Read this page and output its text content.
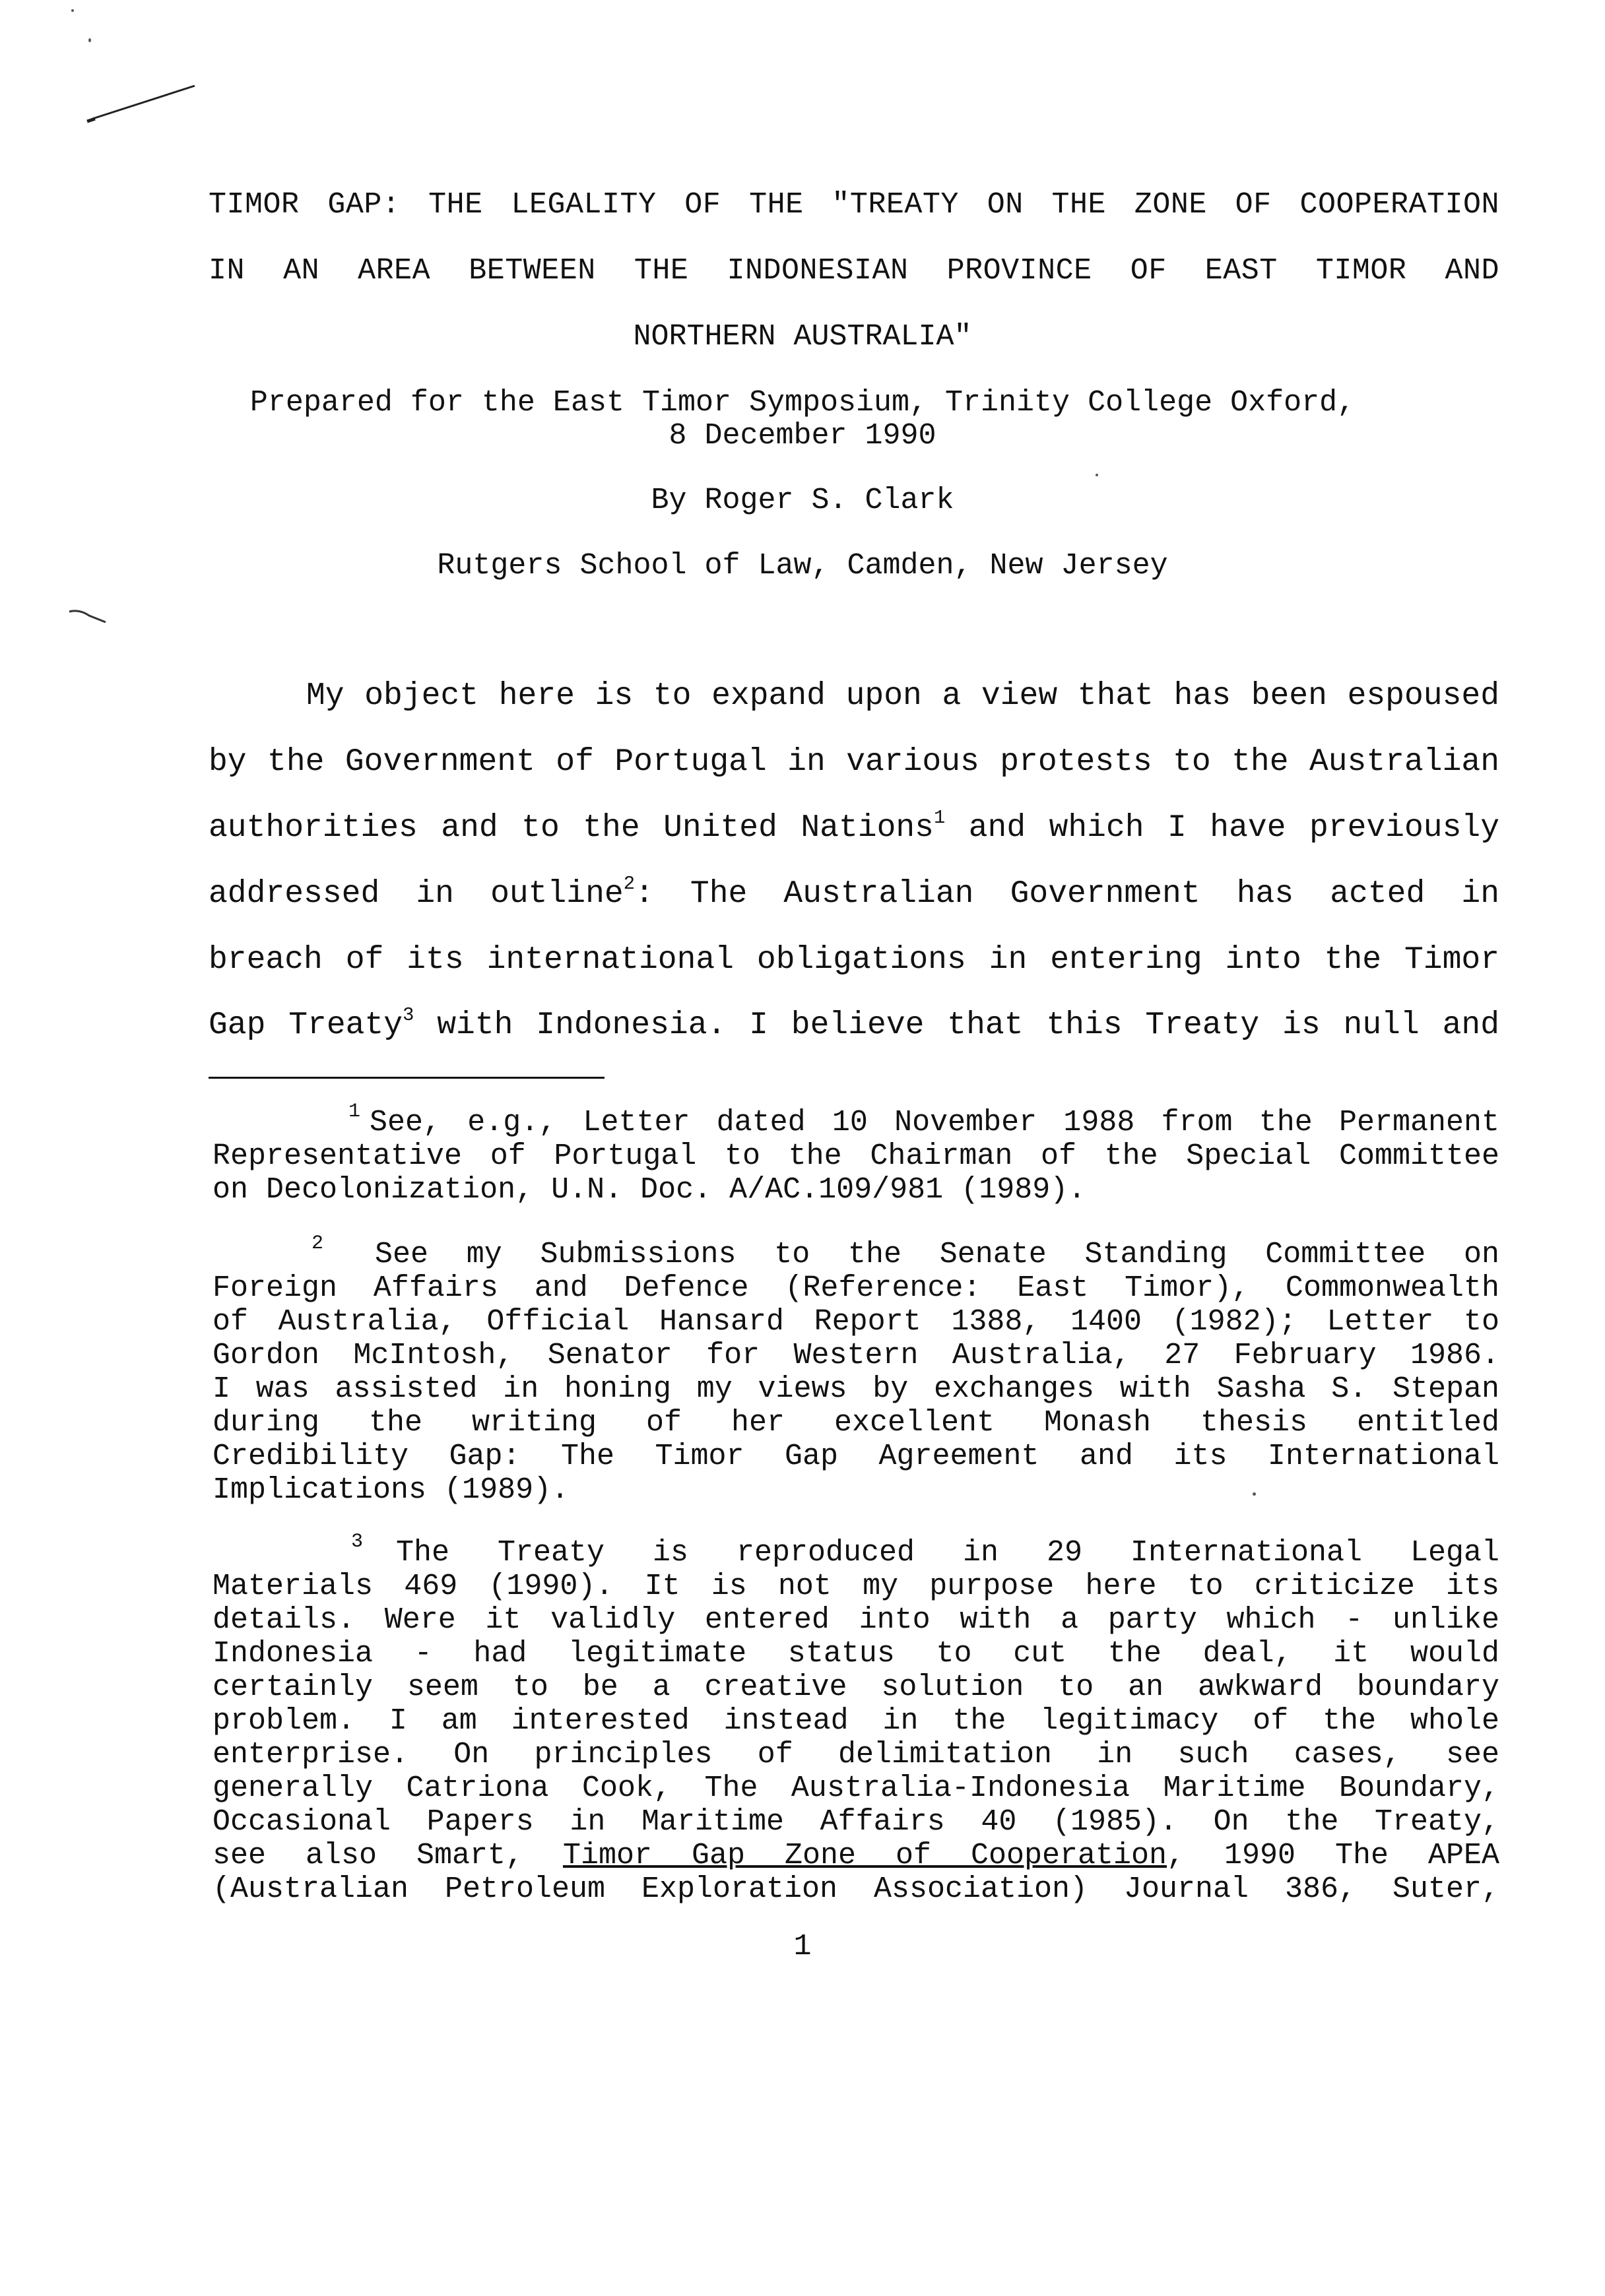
TIMOR GAP: THE LEGALITY OF THE "TREATY ON THE ZONE OF COOPERATION
IN AN AREA BETWEEN THE INDONESIAN PROVINCE OF EAST TIMOR AND
NORTHERN AUSTRALIA"
Prepared for the East Timor Symposium, Trinity College Oxford,
8 December 1990
By Roger S. Clark
Rutgers School of Law, Camden, New Jersey
My object here is to expand upon a view that has been espoused
by the Government of Portugal in various protests to the Australian
authorities and to the United Nations$^1$ and which I have previously
addressed in outline$^2$: The Australian Government has acted in
breach of its international obligations in entering into the Timor
Gap Treaty$^3$ with Indonesia. I believe that this Treaty is null and
1 See, e.g., Letter dated 10 November 1988 from the Permanent
Representative of Portugal to the Chairman of the Special Committee
on Decolonization, U.N. Doc. A/AC.109/981 (1989).
2 See my Submissions to the Senate Standing Committee on
Foreign Affairs and Defence (Reference: East Timor), Commonwealth
of Australia, Official Hansard Report 1388, 1400 (1982); Letter to
Gordon McIntosh, Senator for Western Australia, 27 February 1986.
I was assisted in honing my views by exchanges with Sasha S. Stepan
during the writing of her excellent Monash thesis entitled
Credibility Gap: The Timor Gap Agreement and its International
Implications (1989).
3 The Treaty is reproduced in 29 International Legal
Materials 469 (1990). It is not my purpose here to criticize its
details. Were it validly entered into with a party which - unlike
Indonesia - had legitimate status to cut the deal, it would
certainly seem to be a creative solution to an awkward boundary
problem. I am interested instead in the legitimacy of the whole
enterprise. On principles of delimitation in such cases, see
generally Catriona Cook, The Australia-Indonesia Maritime Boundary,
Occasional Papers in Maritime Affairs 40 (1985). On the Treaty,
see also Smart, Timor Gap Zone of Cooperation, 1990 The APEA
(Australian Petroleum Exploration Association) Journal 386, Suter,
1
